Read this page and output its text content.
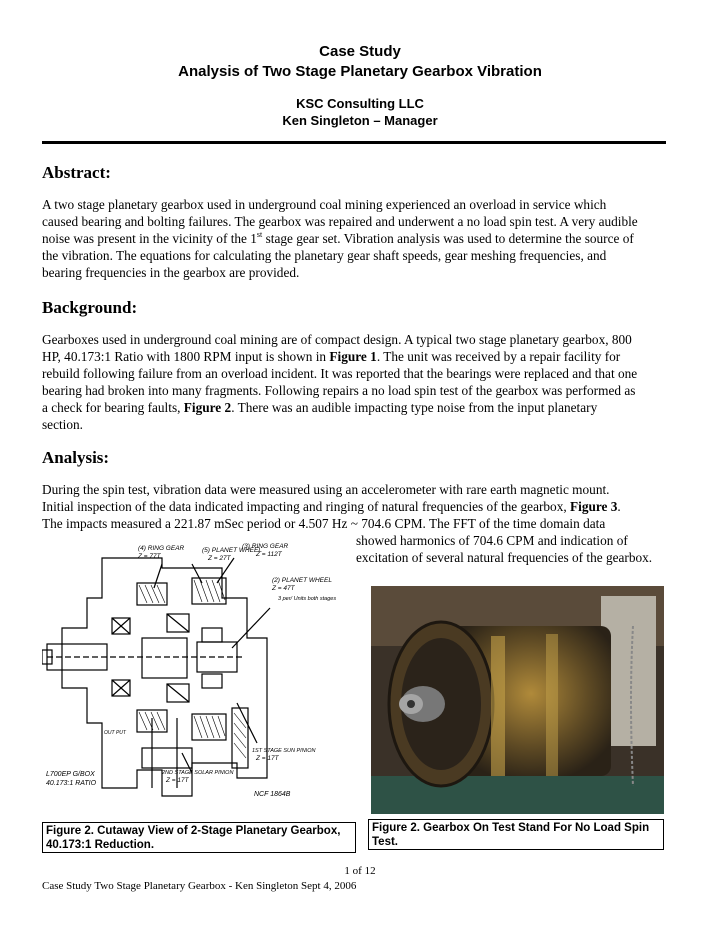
Case Study
Analysis of Two Stage Planetary Gearbox Vibration
KSC Consulting LLC
Ken Singleton – Manager
Abstract:
A two stage planetary gearbox used in underground coal mining experienced an overload in service which
caused bearing and bolting failures. The gearbox was repaired and underwent a no load spin test. A very audible
noise was present in the vicinity of the 1st stage gear set. Vibration analysis was used to determine the source of
the vibration. The equations for calculating the planetary gear shaft speeds, gear meshing frequencies, and
bearing frequencies in the gearbox are provided.
Background:
Gearboxes used in underground coal mining are of compact design. A typical two stage planetary gearbox, 800
HP, 40.173:1 Ratio with 1800 RPM input is shown in Figure 1. The unit was received by a repair facility for
rebuild following failure from an overload incident. It was reported that the bearings were replaced and that one
bearing had broken into many fragments. Following repairs a no load spin test of the gearbox was performed as
a check for bearing faults, Figure 2. There was an audible impacting type noise from the input planetary
section.
Analysis:
During the spin test, vibration data were measured using an accelerometer with rare earth magnetic mount.
Initial inspection of the data indicated impacting and ringing of natural frequencies of the gearbox, Figure 3.
The impacts measured a 221.87 mSec period or 4.507 Hz ~ 704.6 CPM. The FFT of the time domain data
showed harmonics of 704.6 CPM and indication of
excitation of several natural frequencies of the gearbox.
(4) RING GEAR
Z = 77T
(5) PLANET WHEEL
Z = 27T
(3) RING GEAR
Z = 112T
(2) PLANET WHEEL
Z = 47T
3 per/ Units both stages
1ST STAGE SUN PINION
Z = 17T
2ND STAGE SOLAR PINION
Z = 17T
OUT PUT
L700EP G/BOX
40.173:1 RATIO
NCF 1864B
Figure 2. Cutaway View of 2-Stage Planetary Gearbox,
40.173:1 Reduction.
Figure 2. Gearbox On Test Stand For No Load Spin
Test.
1 of 12
Case Study Two Stage Planetary Gearbox - Ken Singleton Sept 4, 2006
